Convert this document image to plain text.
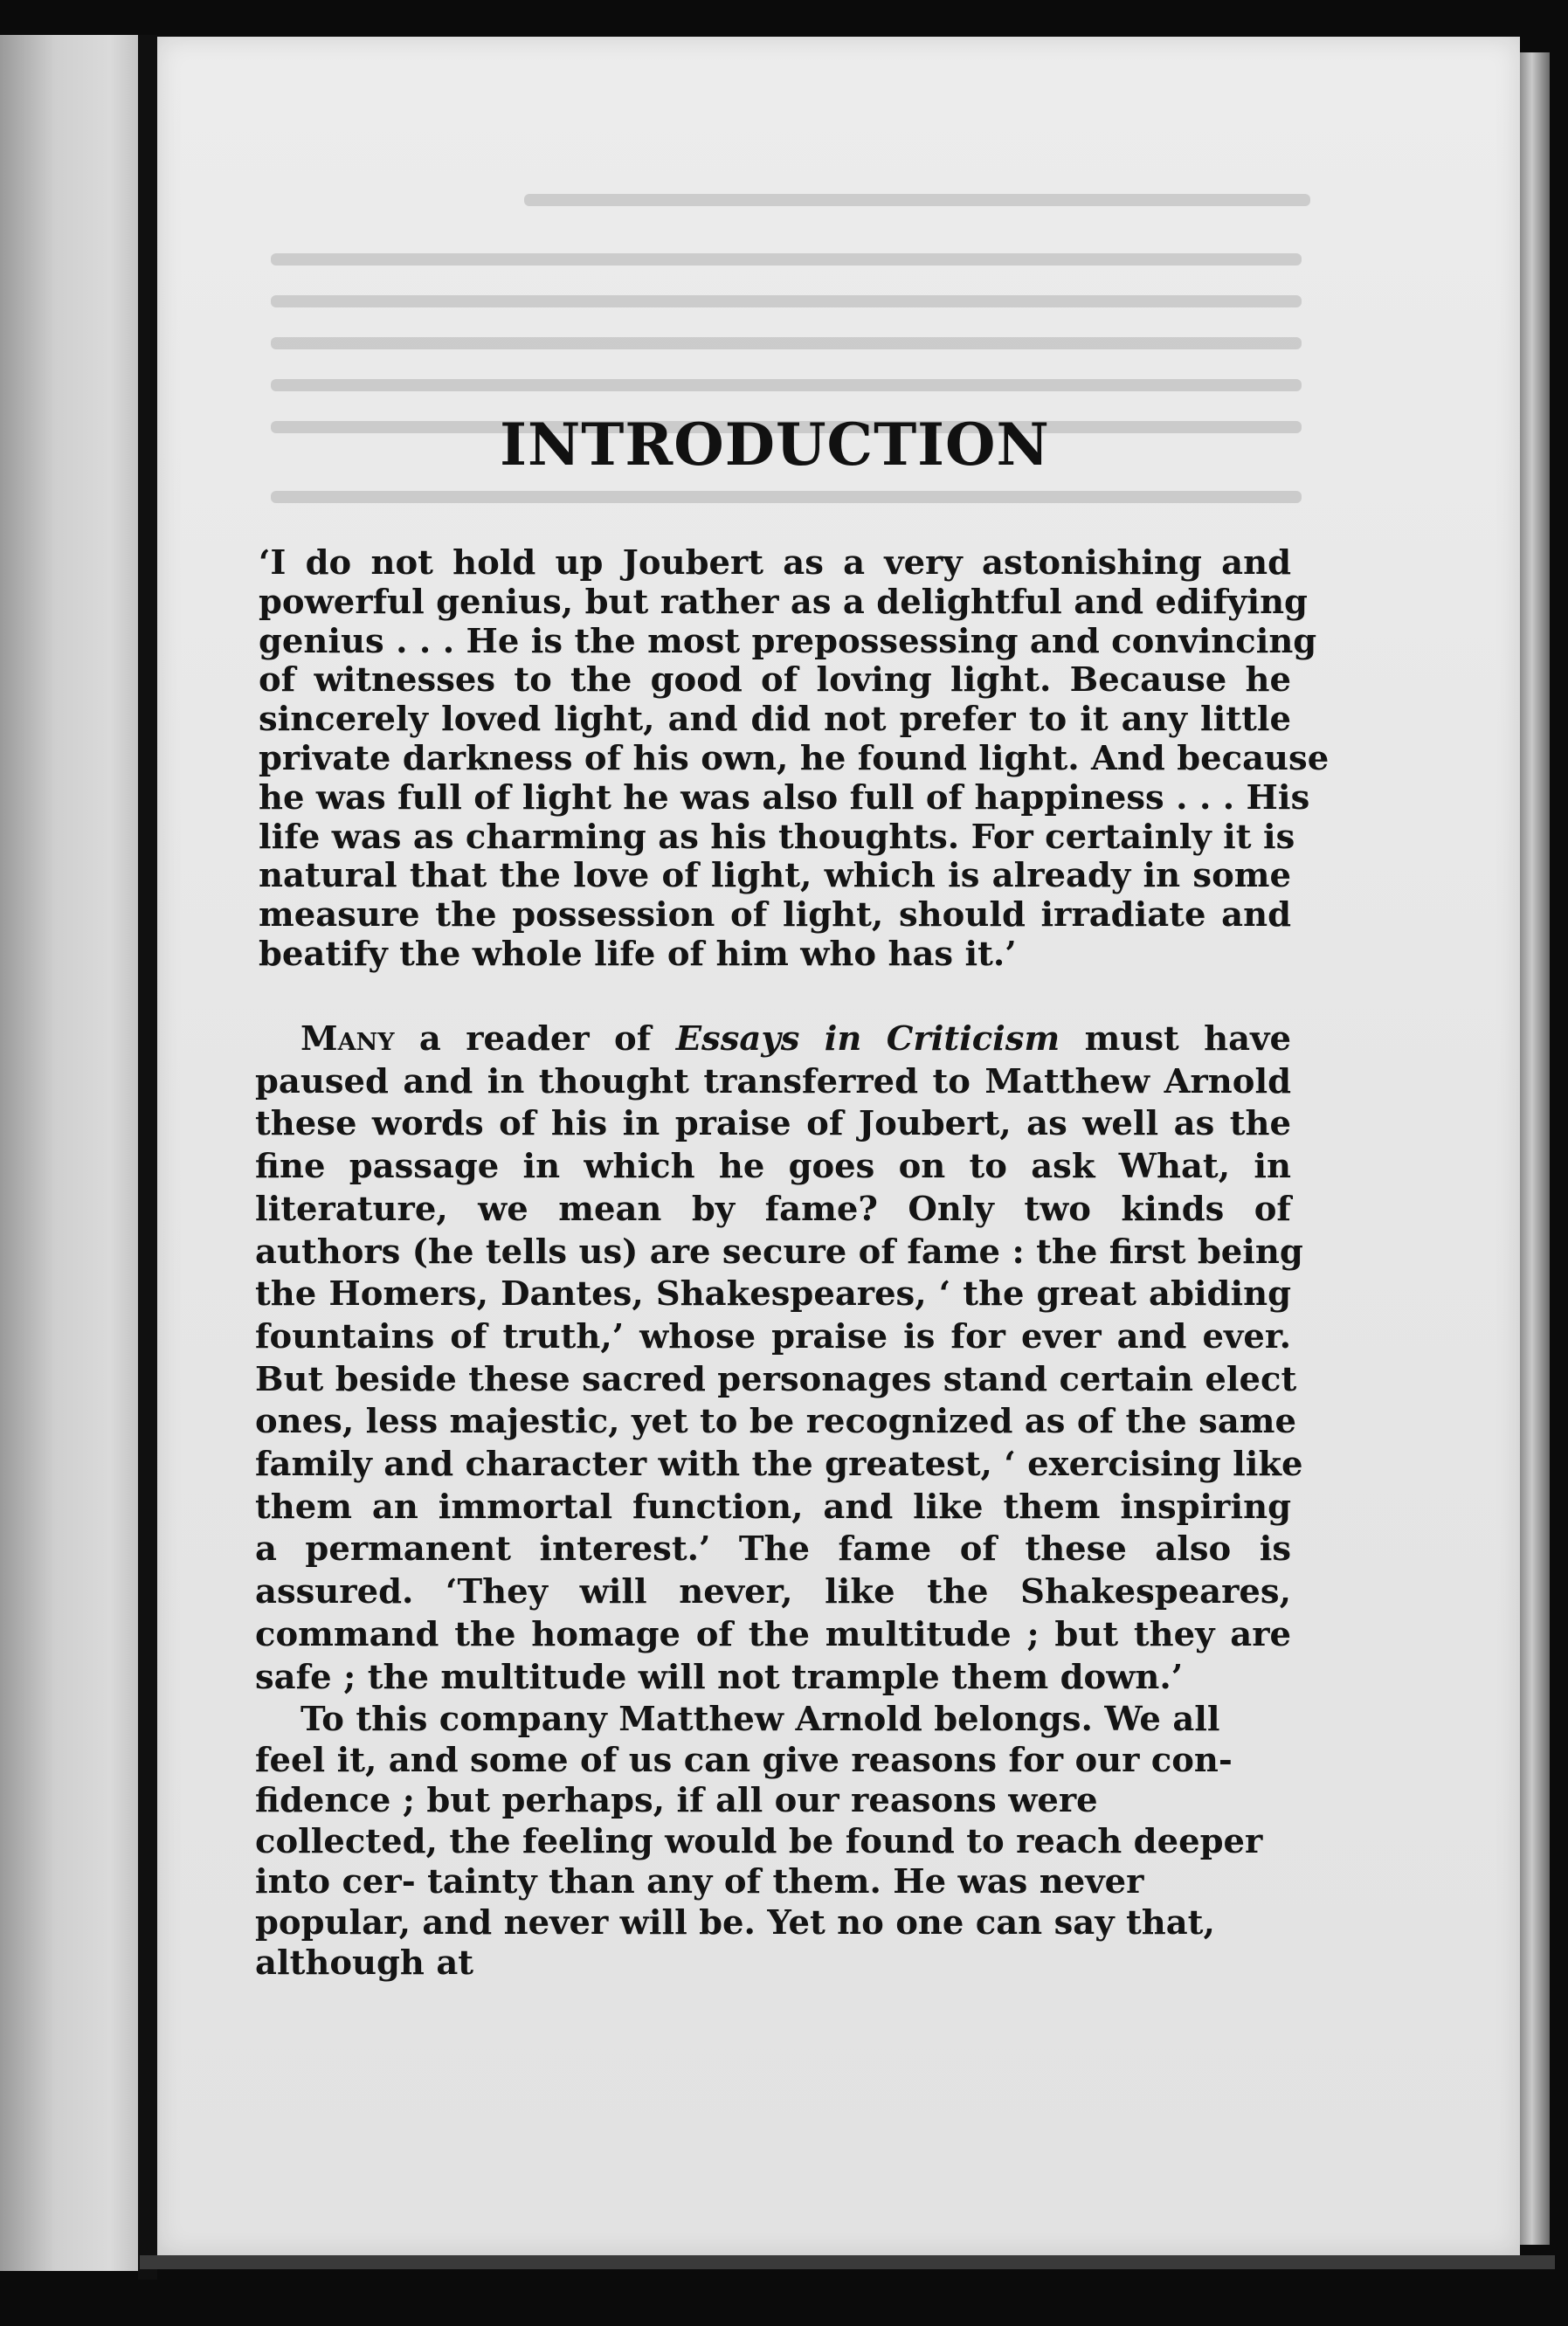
INTRODUCTION
‘I do not hold up Joubert as a very astonishing and
powerful genius, but rather as a delightful and edifying
genius . . . He is the most prepossessing and convincing
of witnesses to the good of loving light. Because he
sincerely loved light, and did not prefer to it any little
private darkness of his own, he found light. And because
he was full of light he was also full of happiness . . . His
life was as charming as his thoughts. For certainly it is
natural that the love of light, which is already in some
measure the possession of light, should irradiate and
beatify the whole life of him who has it.’
Many a reader of Essays in Criticism must have
paused and in thought transferred to Matthew Arnold
these words of his in praise of Joubert, as well as the
fine passage in which he goes on to ask What, in
literature, we mean by fame? Only two kinds of
authors (he tells us) are secure of fame : the first being
the Homers, Dantes, Shakespeares, ‘ the great abiding
fountains of truth,’ whose praise is for ever and ever.
But beside these sacred personages stand certain elect
ones, less majestic, yet to be recognized as of the same
family and character with the greatest, ‘ exercising like
them an immortal function, and like them inspiring
a permanent interest.’ The fame of these also is
assured. ‘They will never, like the Shakespeares,
command the homage of the multitude ; but they are
safe ; the multitude will not trample them down.’
To this company Matthew Arnold belongs. We all feel it, and some of us can give reasons for our con- fidence ; but perhaps, if all our reasons were collected, the feeling would be found to reach deeper into cer- tainty than any of them. He was never popular, and never will be. Yet no one can say that, although at
